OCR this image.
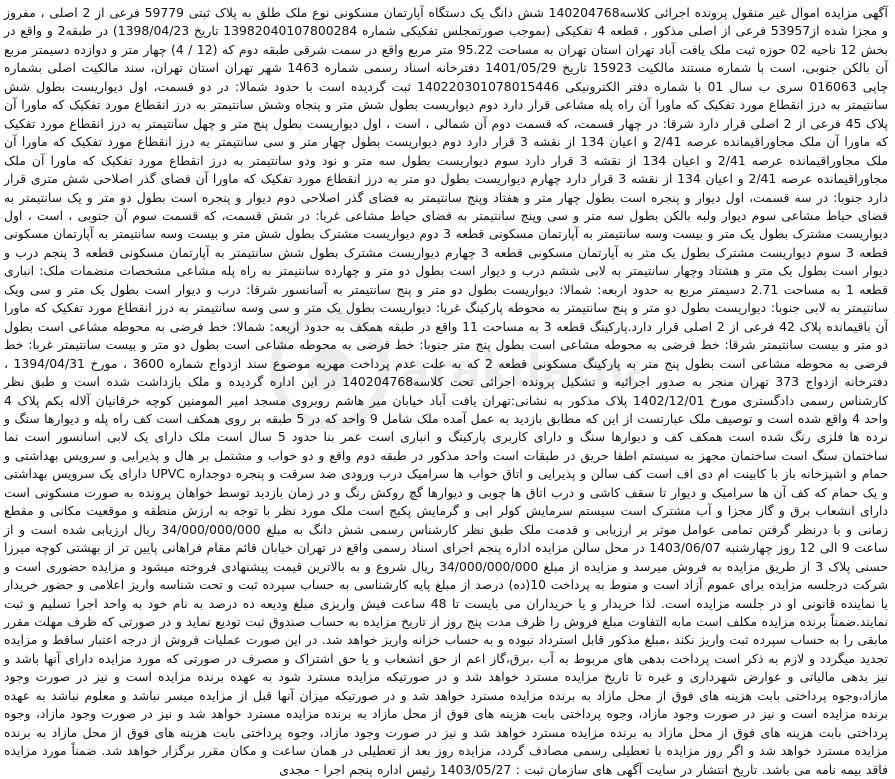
آگهی مزایده اموال غیر منقول پرونده اجرائی کلاسه140204768 شش دانگ یک دستگاه آپارتمان مسکونی نوع ملک طلق به پلاک ثبتی 59779 فرعی از 2 اصلی ، مفروز و مجزا شده از53957 فرعی از اصلی مذکور ، قطعه 4 تفکیکی (بموجب صورتمجلس تفکیکی شماره 13982040107800284 تاریخ 1398/04/23) در طبقه2 و واقع در بخش 12 ناحیه 02 حوزه ثبت ملک یافت آباد تهران استان تهران به مساحت 95.22 متر مربع واقع در سمت شرقی طبقه دوم که (12 / 4) چهار متر و دوازده دسیمتر مربع آن بالکن جنوبی، است با شماره مستند مالکیت 15923 تاریخ 1401/05/29 دفترخانه اسناد رسمی شماره 1463 شهر تهران استان تهران، سند مالکیت اصلی بشماره چاپی 016063 سری ب سال 01 با شماره دفتر الکترونیکی 140220301078015446 ثبت گردیده است با حدود شمالا: در دو قسمت، اول دیواریست بطول شش سانتیمتر به درز انقطاع مورد تفکیک که ماورا آن راه پله مشاعی قرار دارد دوم دیواریست بطول شش متر و پنجاه وشش سانتیمتر به درز انقطاع مورد تفکیک که ماورا آن پلاک 45 فرعی از 2 اصلی قرار دارد شرقا: در چهار قسمت، که قسمت دوم آن شمالی ، است ، اول دیواریست بطول پنج متر و چهل سانتیمتر به درز انقطاع مورد تفکیک که ماورا آن ملک مجاوراقیمانده عرصه 2/41 و اعیان 134 از نقشه 3 قرار دارد دوم دیواریست بطول چهار متر و سی سانتیمتر به درز انقطاع مورد تفکیک که ماورا آن ملک مجاوراقیمانده عرصه 2/41 و اعیان 134 از نقشه 3 قرار دارد سوم دیواریست بطول سه متر و نود ودو سانتیمتر به درز انقطاع مورد تفکیک که ماورا آن ملک مجاوراقیمانده عرصه 2/41 و اعیان 134 از نقشه 3 قرار دارد چهارم دیواریست بطول دو متر به درز انقطاع مورد تفکیک که ماورا آن فضای گذر اصلاحی شش متری قرار دارد جنوبا: در سه قسمت، اول دیوار و پنجره است بطول چهار متر و هفتاد وپنج سانتیمتر به فضای گذر اصلاحی دوم دیوار و پنجره است بطول دو متر و یک سانتیمتر به فضای حیاط مشاعی سوم دیوار ولبه بالکن بطول سه متر و سی وپنج سانتیمتر به فضای حیاط مشاعی غربا: در شش قسمت، که قسمت سوم آن جنوبی ، است ، اول دیواریست مشترک بطول یک متر و بیست وسه سانتیمتر به آپارتمان مسکونی قطعه 3 دوم دیواریست مشترک بطول شش متر و بیست وسه سانتیمتر به آپارتمان مسکونی قطعه 3 سوم دیواریست مشترک بطول یک متر به آپارتمان مسکونی قطعه 3 چهارم دیواریست مشترک بطول شش سانتیمتر به آپارتمان مسکونی قطعه 3 پنجم درب و دیوار است بطول یک متر و هشتاد وچهار سانتیمتر به لابی ششم درب و دیوار است بطول دو متر و چهارده سانتیمتر به راه پله مشاعی مشخصات منضمات ملک: انباری قطعه 1 به مساحت 2.71 دسیمتر مربع به حدود اربعه: شمالا: دیواریست بطول دو متر و پنج سانتیمتر به آسانسور شرقا: درب و دیوار است بطول یک متر و سی ویک سانتیمتر به لابی جنوبا: دیواریست بطول دو متر و پنج سانتیمتر به محوطه پارکینگ غربا: دیواریست بطول یک متر و سی وسه سانتیمتر به درز انقطاع مورد تفکیک که ماورا آن باقیمانده پلاک 42 فرعی از 2 اصلی قرار دارد.پارکینگ قطعه 3 به مساحت 11 واقع در طبقه همکف به حدود اربعه: شمالا: خط فرضی به محوطه مشاعی است بطول دو متر و بیست سانتیمتر شرقا: خط فرضی به محوطه مشاعی است بطول پنج متر جنوبا: خط فرضی به محوطه مشاعی است بطول دو متر و بیست سانتیمتر غربا: خط فرضی به محوطه مشاعی است بطول پنج متر به پارکینگ مسکونی قطعه 2 که به علت عدم پرداخت مهریه موضوع سند ازدواج شماره 3600 ، مورخ 1394/04/31 ، دفترخانه ازدواج 373 تهران منجر به صدور اجرائیه و تشکیل پرونده اجرائی تحت کلاسه140204768 در این اداره گردیده و ملک بازداشت شده است و طبق نظر کارشناس رسمی دادگستری مورخ 1402/12/01 پلاک مذکور به نشانی:تهران یافت آباد خیابان میر هاشم روبروی مسجد امیر المومنین کوچه خرقانیان آلاله یکم پلاک 4 واحد 4 واقع شده است و توصیف ملک عبارتست از این که مطابق بازدید به عمل آمده ملک شامل 9 واحد که در 5 طبقه بر روی همکف است کف راه پله و دیوارها سنگ و نرده ها فلزی رنگ شده است همکف کف و دیوارها سنگ و دارای کاربری پارکینگ و انباری است عمر بنا حدود 5 سال است ملک دارای یک لابی اسانسور است نما ساختمان سنگ است ساختمان مجهز به سیستم اطفا حریق در طبقات است واحد مذکور در طبقه دوم واقع و دو خواب و مشتمل بر هال و پذیرایی و سرویس بهداشتی و حمام و اشپزخانه باز با کابینت ام دی اف است کف سالن و پذیرایی و اتاق خواب ها سرامیک درب ورودی ضد سرقت و پنجره دوجداره UPVC دارای یک سرویس بهداشتی و یک حمام که کف آن ها سرامیک و دیوار تا سقف کاشی و درب اتاق ها چوبی و دیوارها گچ روکش رنگ و در زمان بازدید توسط خواهان پرونده به صورت مسکونی است دارای انشعاب برق و گاز مجزا و آب مشترک است سیستم سرمایش کولر ابی و گرمایش پکیج است ملک مورد نظر با توجه به ارزش منطقه و موقعیت مکانی و مقطع زمانی و با درنظر گرفتن تمامی عوامل موثر بر ارزیابی و قدمت ملک طبق نظر کارشناس رسمی شش دانگ به مبلغ 34/000/000/000 ریال ارزیابی شده است و از ساعت 9 الی 12 روز چهارشنبه 1403/06/07 در محل سالن مزایده اداره پنجم اجرای اسناد رسمی واقع در تهران خیابان قائم مقام فراهانی پایین تر از بهشتی کوچه میرزا حسنی پلاک 3 از طریق مزایده به فروش میرسد و مزایده از مبلغ 34/000/000/000 ریال شروع و به بالاترین قیمت پیشنهادی فروخته میشود و مزایده حضوری است و شرکت درجلسه مزایده برای عموم آزاد است و منوط به پرداخت 10(ده) درصد از مبلغ پایه کارشناسی به حساب سپرده ثبت و تحت شناسه واریز اعلامی و حضور خریدار یا نماینده قانونی او در جلسه مزایده است. لذا خریدار و یا خریداران می بایست تا 48 ساعت فیش واریزی مبلغ ودیعه ده درصد به نام خود به واحد اجرا تسلیم و ثبت نمایند.ضمناً برنده مزایده مکلف است مابه التفاوت مبلغ فروش را ظرف مدت پنج روز از تاریخ مزایده به حساب صندوق ثبت تودیع نماید و در صورتی که ظرف مهلت مقرر مابقی را به حساب سپرده ثبت واریز نکند ،مبلغ مذکور قابل استرداد نبوده و به حساب خزانه واریز خواهد شد. در این صورت عملیات فروش از درجه اعتبار ساقط و مزایده تجدید میگردد و لازم به ذکر است پرداخت بدهی های مربوط به آب ،برق،گاز اعم از حق انشعاب و یا حق اشتراک و مصرف در صورتی که مورد مزایده دارای آنها باشد و نیز بدهی مالیاتی و عوارض شهرداری و غیره تا تاریخ مزایده مسترد خواهد شد و در صورتیکه مزایده مسترد شود به عهده برنده مزایده است و نیز در صورت وجود مازاد،وجوه پرداختی بابت هزینه های فوق از محل مازاد به برنده مزایده مسترد خواهد شد و در صورتیکه میزان آنها قبل از مزایده میسر نباشد و معلوم نباشد به عهده برنده مزایده است و نیز در صورت وجود مازاد، وجوه پرداختی بابت هزینه های فوق از محل مازاد به برنده مزایده مسترد خواهد شد و نیز در صورت وجود مازاد، وجوه پرداختی بابت هزینه های فوق از محل مازاد به برنده مزایده مسترد خواهد شد و نیز در صورت وجود مازاد، وجوه پرداختی بابت هزینه های فوق از محل مازاد به برنده مزایده مسترد خواهد شد و اگر روز مزایده با تعطیلی رسمی مصادف گردد، مزایده روز بعد از تعطیلی در همان ساعت و مکان مقرر برگزار خواهد شد. ضمناً مورد مزایده فاقد بیمه نامه می باشد. تاریخ انتشار در سایت آگهی های سازمان ثبت : 1403/05/27 رئیس اداره پنجم اجرا - مجدی
arakdarna
